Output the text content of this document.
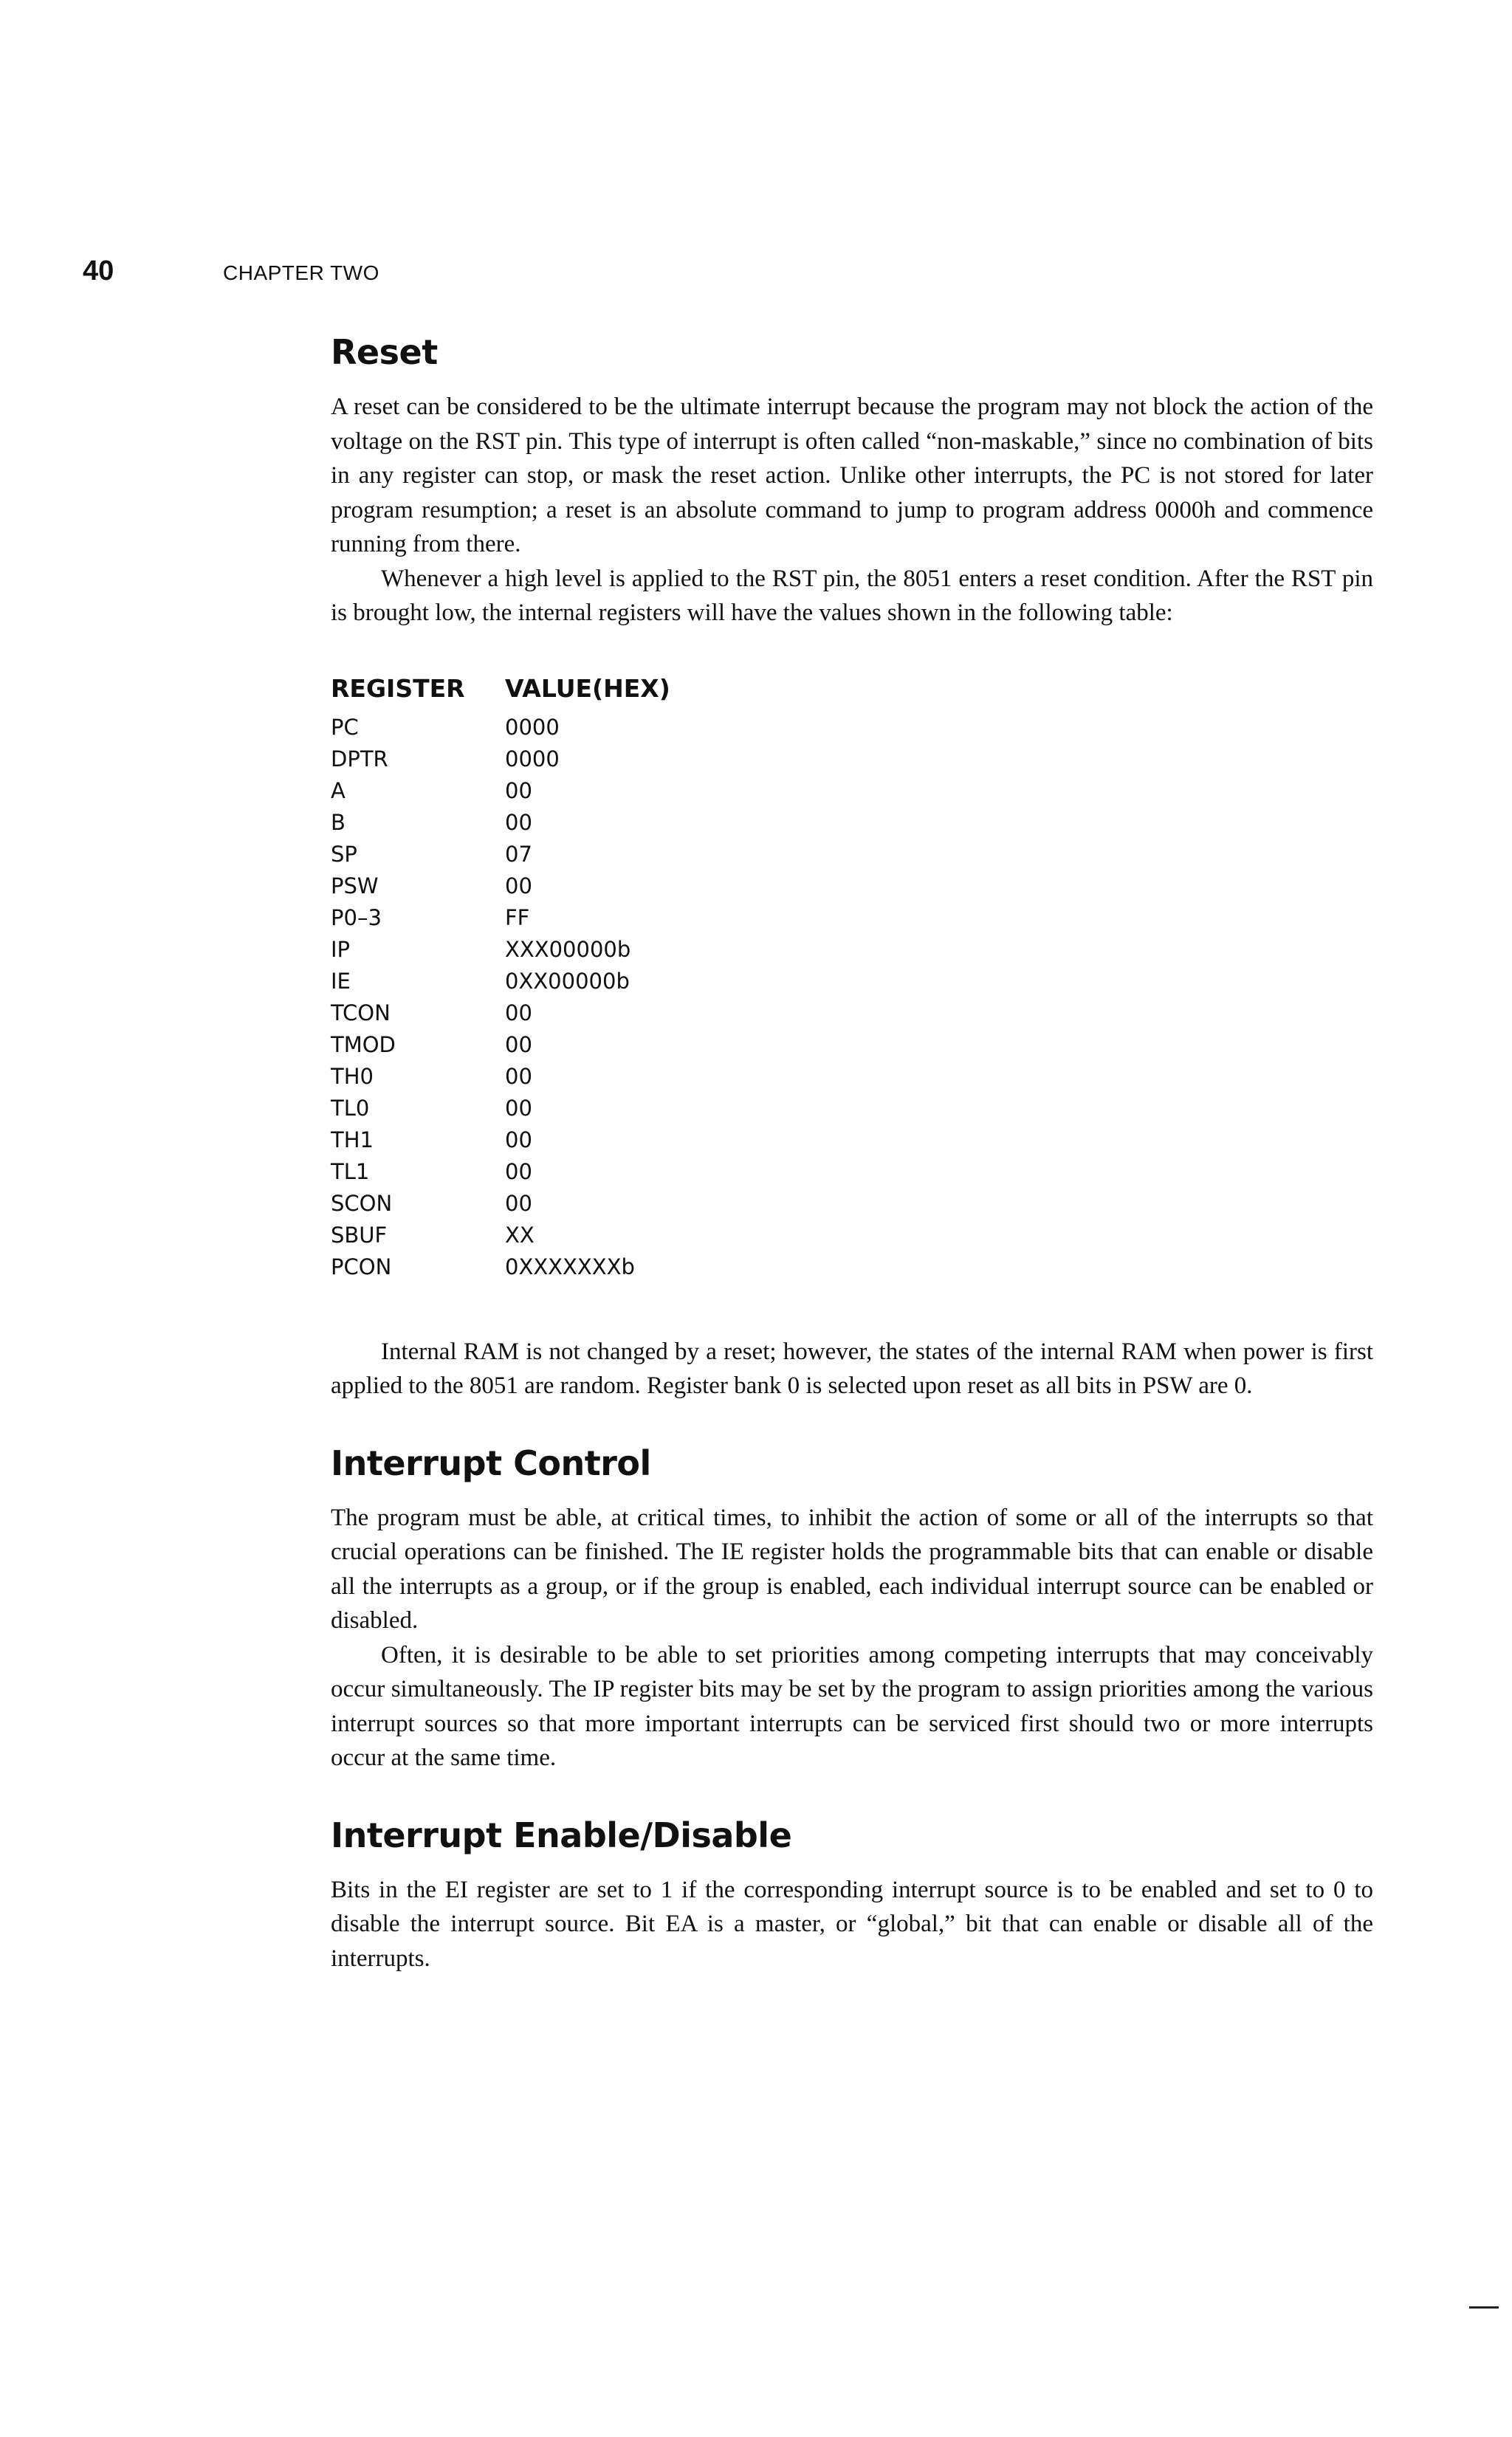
40	CHAPTER TWO
Reset

A reset can be considered to be the ultimate interrupt because the program may not block the action of the voltage on the RST pin. This type of interrupt is often called “non-maskable,” since no combination of bits in any register can stop, or mask the reset action. Unlike other interrupts, the PC is not stored for later program resumption; a reset is an absolute command to jump to program address 0000h and commence running from there.

Whenever a high level is applied to the RST pin, the 8051 enters a reset condition. After the RST pin is brought low, the internal registers will have the values shown in the following table:

REGISTER	VALUE(HEX)
PC	0000
DPTR	0000
A	00
B	00
SP	07
PSW	00
P0–3	FF
IP	XXX00000b
IE	0XX00000b
TCON	00
TMOD	00
TH0	00
TL0	00
TH1	00
TL1	00
SCON	00
SBUF	XX
PCON	0XXXXXXXb

Internal RAM is not changed by a reset; however, the states of the internal RAM when power is first applied to the 8051 are random. Register bank 0 is selected upon reset as all bits in PSW are 0.

Interrupt Control

The program must be able, at critical times, to inhibit the action of some or all of the interrupts so that crucial operations can be finished. The IE register holds the programmable bits that can enable or disable all the interrupts as a group, or if the group is enabled, each individual interrupt source can be enabled or disabled.

Often, it is desirable to be able to set priorities among competing interrupts that may conceivably occur simultaneously. The IP register bits may be set by the program to assign priorities among the various interrupt sources so that more important interrupts can be serviced first should two or more interrupts occur at the same time.

Interrupt Enable/Disable

Bits in the EI register are set to 1 if the corresponding interrupt source is to be enabled and set to 0 to disable the interrupt source. Bit EA is a master, or “global,” bit that can enable or disable all of the interrupts.
